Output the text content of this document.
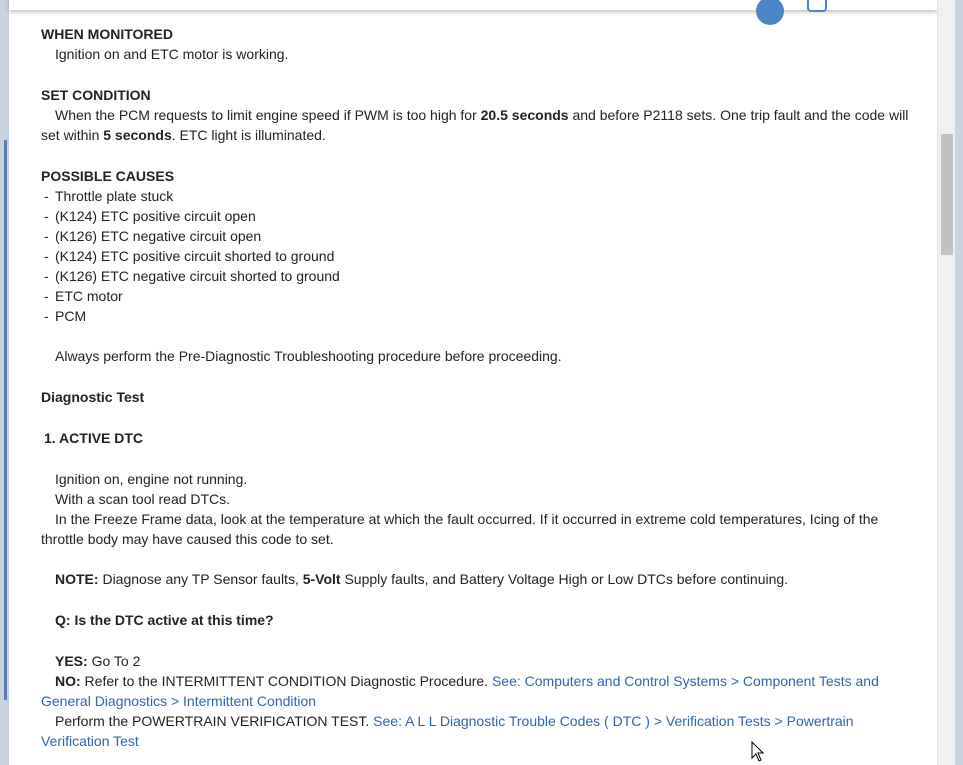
WHEN MONITORED
Ignition on and ETC motor is working.
SET CONDITION
When the PCM requests to limit engine speed if PWM is too high for 20.5 seconds and before P2118 sets. One trip fault and the code will set within 5 seconds. ETC light is illuminated.
POSSIBLE CAUSES
- Throttle plate stuck
- (K124) ETC positive circuit open
- (K126) ETC negative circuit open
- (K124) ETC positive circuit shorted to ground
- (K126) ETC negative circuit shorted to ground
- ETC motor
- PCM
Always perform the Pre-Diagnostic Troubleshooting procedure before proceeding.
Diagnostic Test
1. ACTIVE DTC
Ignition on, engine not running.
With a scan tool read DTCs.
In the Freeze Frame data, look at the temperature at which the fault occurred. If it occurred in extreme cold temperatures, Icing of the throttle body may have caused this code to set.
NOTE: Diagnose any TP Sensor faults, 5-Volt Supply faults, and Battery Voltage High or Low DTCs before continuing.
Q: Is the DTC active at this time?
YES: Go To 2
NO: Refer to the INTERMITTENT CONDITION Diagnostic Procedure. See: Computers and Control Systems > Component Tests and General Diagnostics > Intermittent Condition
Perform the POWERTRAIN VERIFICATION TEST. See: A L L Diagnostic Trouble Codes ( DTC ) > Verification Tests > Powertrain Verification Test
